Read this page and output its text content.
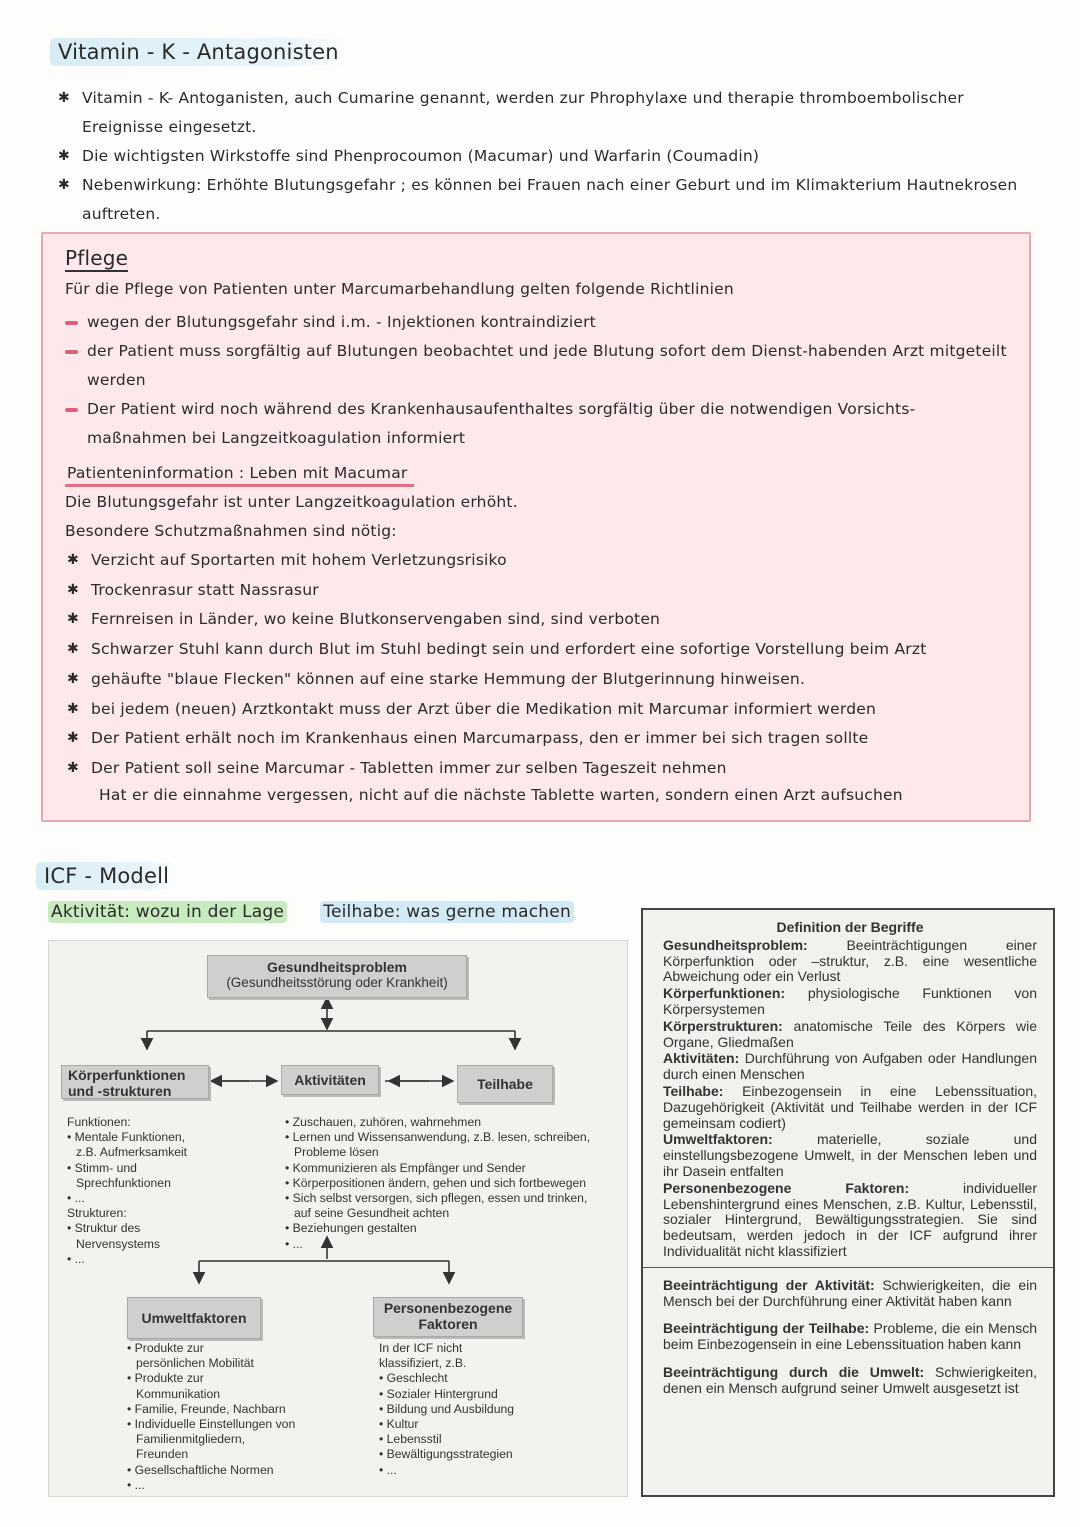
Vitamin - K - Antagonisten
✱ Vitamin - K- Antoganisten, auch Cumarine genannt, werden zur Phrophylaxe und therapie thromboembolischer Ereignisse eingesetzt.
✱ Die wichtigsten Wirkstoffe sind Phenprocoumon (Macumar) und Warfarin (Coumadin)
✱ Nebenwirkung: Erhöhte Blutungsgefahr ; es können bei Frauen nach einer Geburt und im Klimakterium Hautnekrosen auftreten.
Pflege
Für die Pflege von Patienten unter Marcumarbehandlung gelten folgende Richtlinien
wegen der Blutungsgefahr sind i.m. - Injektionen kontraindiziert
der Patient muss sorgfältig auf Blutungen beobachtet und jede Blutung sofort dem Dienst-habenden Arzt mitgeteilt werden
Der Patient wird noch während des Krankenhausaufenthaltes sorgfältig über die notwendigen Vorsichts-maßnahmen bei Langzeitkoagulation informiert
Patienteninformation : Leben mit Macumar
Die Blutungsgefahr ist unter Langzeitkoagulation erhöht.
Besondere Schutzmaßnahmen sind nötig:
✱ Verzicht auf Sportarten mit hohem Verletzungsrisiko
✱ Trockenrasur statt Nassrasur
✱ Fernreisen in Länder, wo keine Blutkonservengaben sind, sind verboten
✱ Schwarzer Stuhl kann durch Blut im Stuhl bedingt sein und erfordert eine sofortige Vorstellung beim Arzt
✱ gehäufte "blaue Flecken" können auf eine starke Hemmung der Blutgerinnung hinweisen.
✱ bei jedem (neuen) Arztkontakt muss der Arzt über die Medikation mit Marcumar informiert werden
✱ Der Patient erhält noch im Krankenhaus einen Marcumarpass, den er immer bei sich tragen sollte
✱ Der Patient soll seine Marcumar - Tabletten immer zur selben Tageszeit nehmen
Hat er die einnahme vergessen, nicht auf die nächste Tablette warten, sondern einen Arzt aufsuchen
ICF - Modell
Aktivität: wozu in der Lage Teilhabe: was gerne machen
Gesundheitsproblem
(Gesundheitsstörung oder Krankheit)
Körperfunktionen
und -strukturen
Aktivitäten	Teilhabe
Funktionen:
• Mentale Funktionen,
z.B. Aufmerksamkeit
• Stimm- und
Sprechfunktionen
• ...
Strukturen:
• Struktur des
Nervensystems
• ...
• Zuschauen, zuhören, wahrnehmen
• Lernen und Wissensanwendung, z.B. lesen, schreiben,
Probleme lösen
• Kommunizieren als Empfänger und Sender
• Körperpositionen ändern, gehen und sich fortbewegen
• Sich selbst versorgen, sich pflegen, essen und trinken,
auf seine Gesundheit achten
• Beziehungen gestalten
• ...
Umweltfaktoren
Personenbezogene
Faktoren
• Produkte zur
persönlichen Mobilität
• Produkte zur
Kommunikation
• Familie, Freunde, Nachbarn
• Individuelle Einstellungen von
Familienmitgliedern,
Freunden
• Gesellschaftliche Normen
• ...
In der ICF nicht
klassifiziert, z.B.
• Geschlecht
• Sozialer Hintergrund
• Bildung und Ausbildung
• Kultur
• Lebensstil
• Bewältigungsstrategien
• ...
Definition der Begriffe

Gesundheitsproblem: Beeinträchtigungen einer Körperfunktion oder –struktur, z.B. eine wesentliche Abweichung oder ein Verlust

Körperfunktionen: physiologische Funktionen von Körpersystemen

Körperstrukturen: anatomische Teile des Körpers wie Organe, Gliedmaßen

Aktivitäten: Durchführung von Aufgaben oder Handlungen durch einen Menschen

Teilhabe: Einbezogensein in eine Lebenssituation, Dazugehörigkeit (Aktivität und Teilhabe werden in der ICF gemeinsam codiert)

Umweltfaktoren: materielle, soziale und einstellungsbezogene Umwelt, in der Menschen leben und ihr Dasein entfalten

Personenbezogene Faktoren: individueller Lebenshintergrund eines Menschen, z.B. Kultur, Lebensstil, sozialer Hintergrund, Bewältigungsstrategien. Sie sind bedeutsam, werden jedoch in der ICF aufgrund ihrer Individualität nicht klassifiziert

Beeinträchtigung der Aktivität: Schwierigkeiten, die ein Mensch bei der Durchführung einer Aktivität haben kann

Beeinträchtigung der Teilhabe: Probleme, die ein Mensch beim Einbezogensein in eine Lebenssituation haben kann

Beeinträchtigung durch die Umwelt: Schwierigkeiten, denen ein Mensch aufgrund seiner Umwelt ausgesetzt ist
